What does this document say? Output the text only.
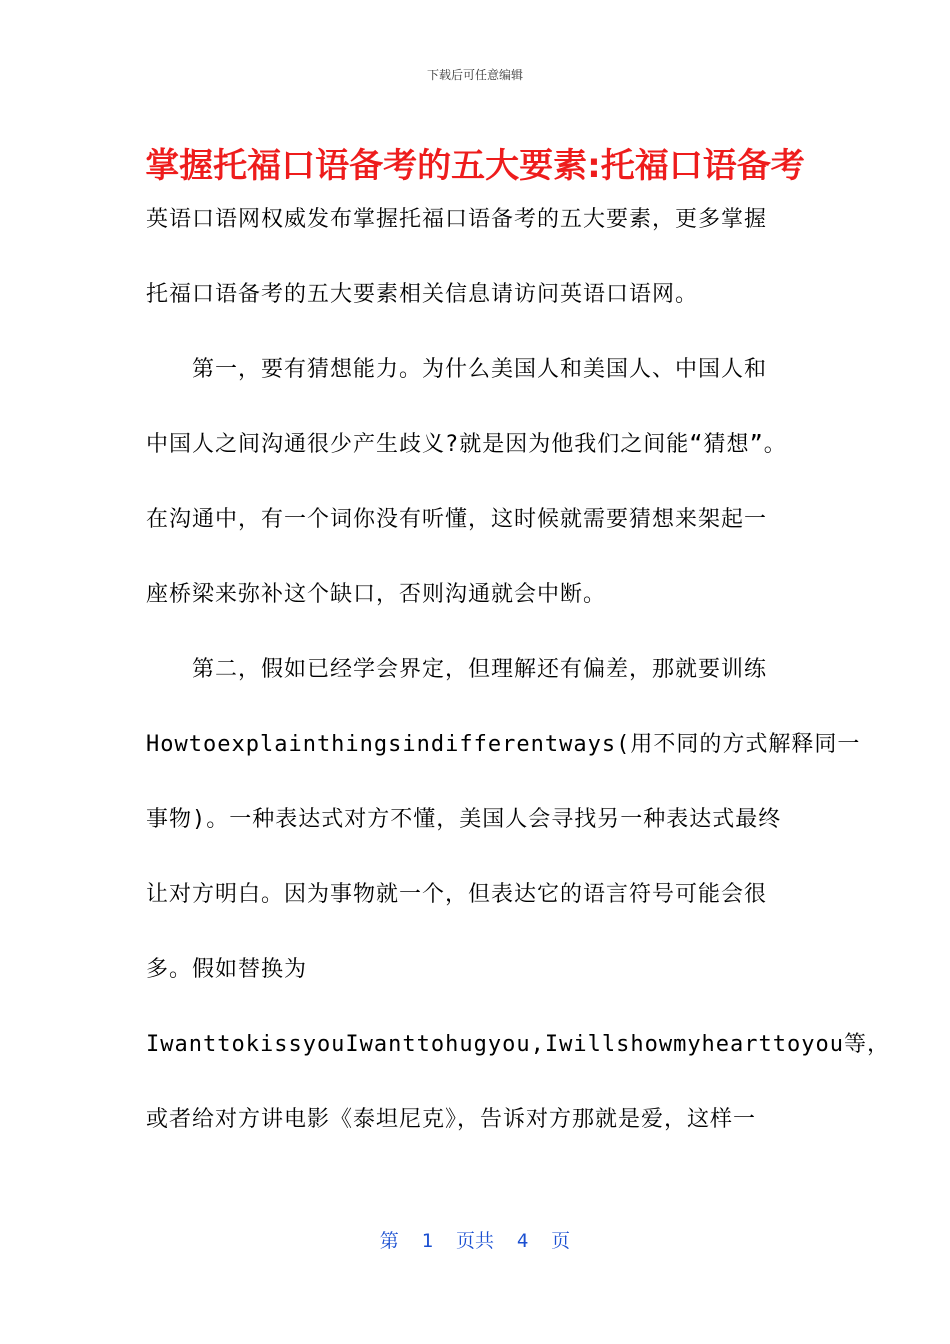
下载后可任意编辑
掌握托福口语备考的五大要素:托福口语备考
英语口语网权威发布掌握托福口语备考的五大要素，更多掌握
托福口语备考的五大要素相关信息请访问英语口语网。
第一，要有猜想能力。为什么美国人和美国人、中国人和
中国人之间沟通很少产生歧义?就是因为他我们之间能“猜想”。
在沟通中，有一个词你没有听懂，这时候就需要猜想来架起一
座桥梁来弥补这个缺口，否则沟通就会中断。
第二，假如已经学会界定，但理解还有偏差，那就要训练
Howtoexplainthingsindifferentways(用不同的方式解释同一
事物)。一种表达式对方不懂，美国人会寻找另一种表达式最终
让对方明白。因为事物就一个，但表达它的语言符号可能会很
多。假如替换为
IwanttokissyouIwanttohugyou,Iwillshowmyhearttoyou等，
或者给对方讲电影《泰坦尼克》，告诉对方那就是爱，这样一
第  1  页共  4  页
